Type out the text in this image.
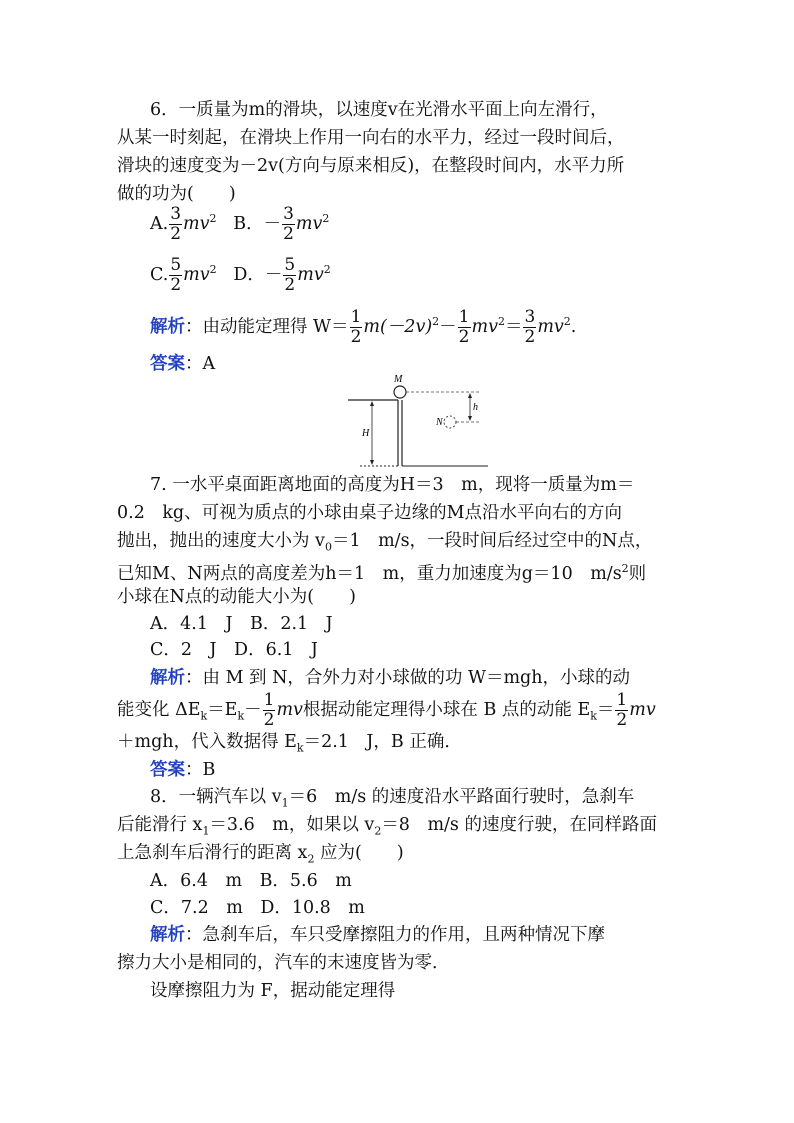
6．一质量为m的滑块，以速度v在光滑水平面上向左滑行，
从某一时刻起，在滑块上作用一向右的水平力，经过一段时间后，
滑块的速度变为－2v(方向与原来相反)，在整段时间内，水平力所
做的功为(　　)
A. $\frac{3}{2} mv^2$ B．－ $\frac{3}{2} mv^2$
C. $\frac{5}{2} mv^2$ D．－ $\frac{5}{2} mv^2$
解析：由动能定理得 $W= \frac{1}{2} m(-2v)^2- \frac{1}{2} mv^2= \frac{3}{2} mv^2$.
答案：A
M
N
H
h
7. 一水平桌面距离地面的高度为H＝3　m，现将一质量为m＝
0.2　kg、可视为质点的小球由桌子边缘的M点沿水平向右的方向
抛出，抛出的速度大小为 $v_0=1$　m/s，一段时间后经过空中的N点，
已知M、N两点的高度差为h＝1　m，重力加速度为g＝10　$m/s^2$则
小球在N点的动能大小为(　　)
A．4.1　J　B．2.1　J
C．2　J　D．6.1　J
解析：由 M 到 N，合外力对小球做的功 W＝mgh，小球的动
能变化 $\Delta E_k=E_k- \frac{1}{2}$ mv根据动能定理得小球在 B 点的动能 $E_k= \frac{1}{2}$ mv
＋mgh，代入数据得 $E_k=2.1$　J，B 正确．
答案：B
8．一辆汽车以 $v_1=6$　m/s 的速度沿水平路面行驶时，急刹车
后能滑行 $x_1=3.6$　m，如果以 $v_2=8$　m/s 的速度行驶，在同样路面
上急刹车后滑行的距离 $x_2$ 应为(　　)
A．6.4　m　B．5.6　m
C．7.2　m　D．10.8　m
解析：急刹车后，车只受摩擦阻力的作用，且两种情况下摩
擦力大小是相同的，汽车的末速度皆为零．
设摩擦阻力为 F，据动能定理得
